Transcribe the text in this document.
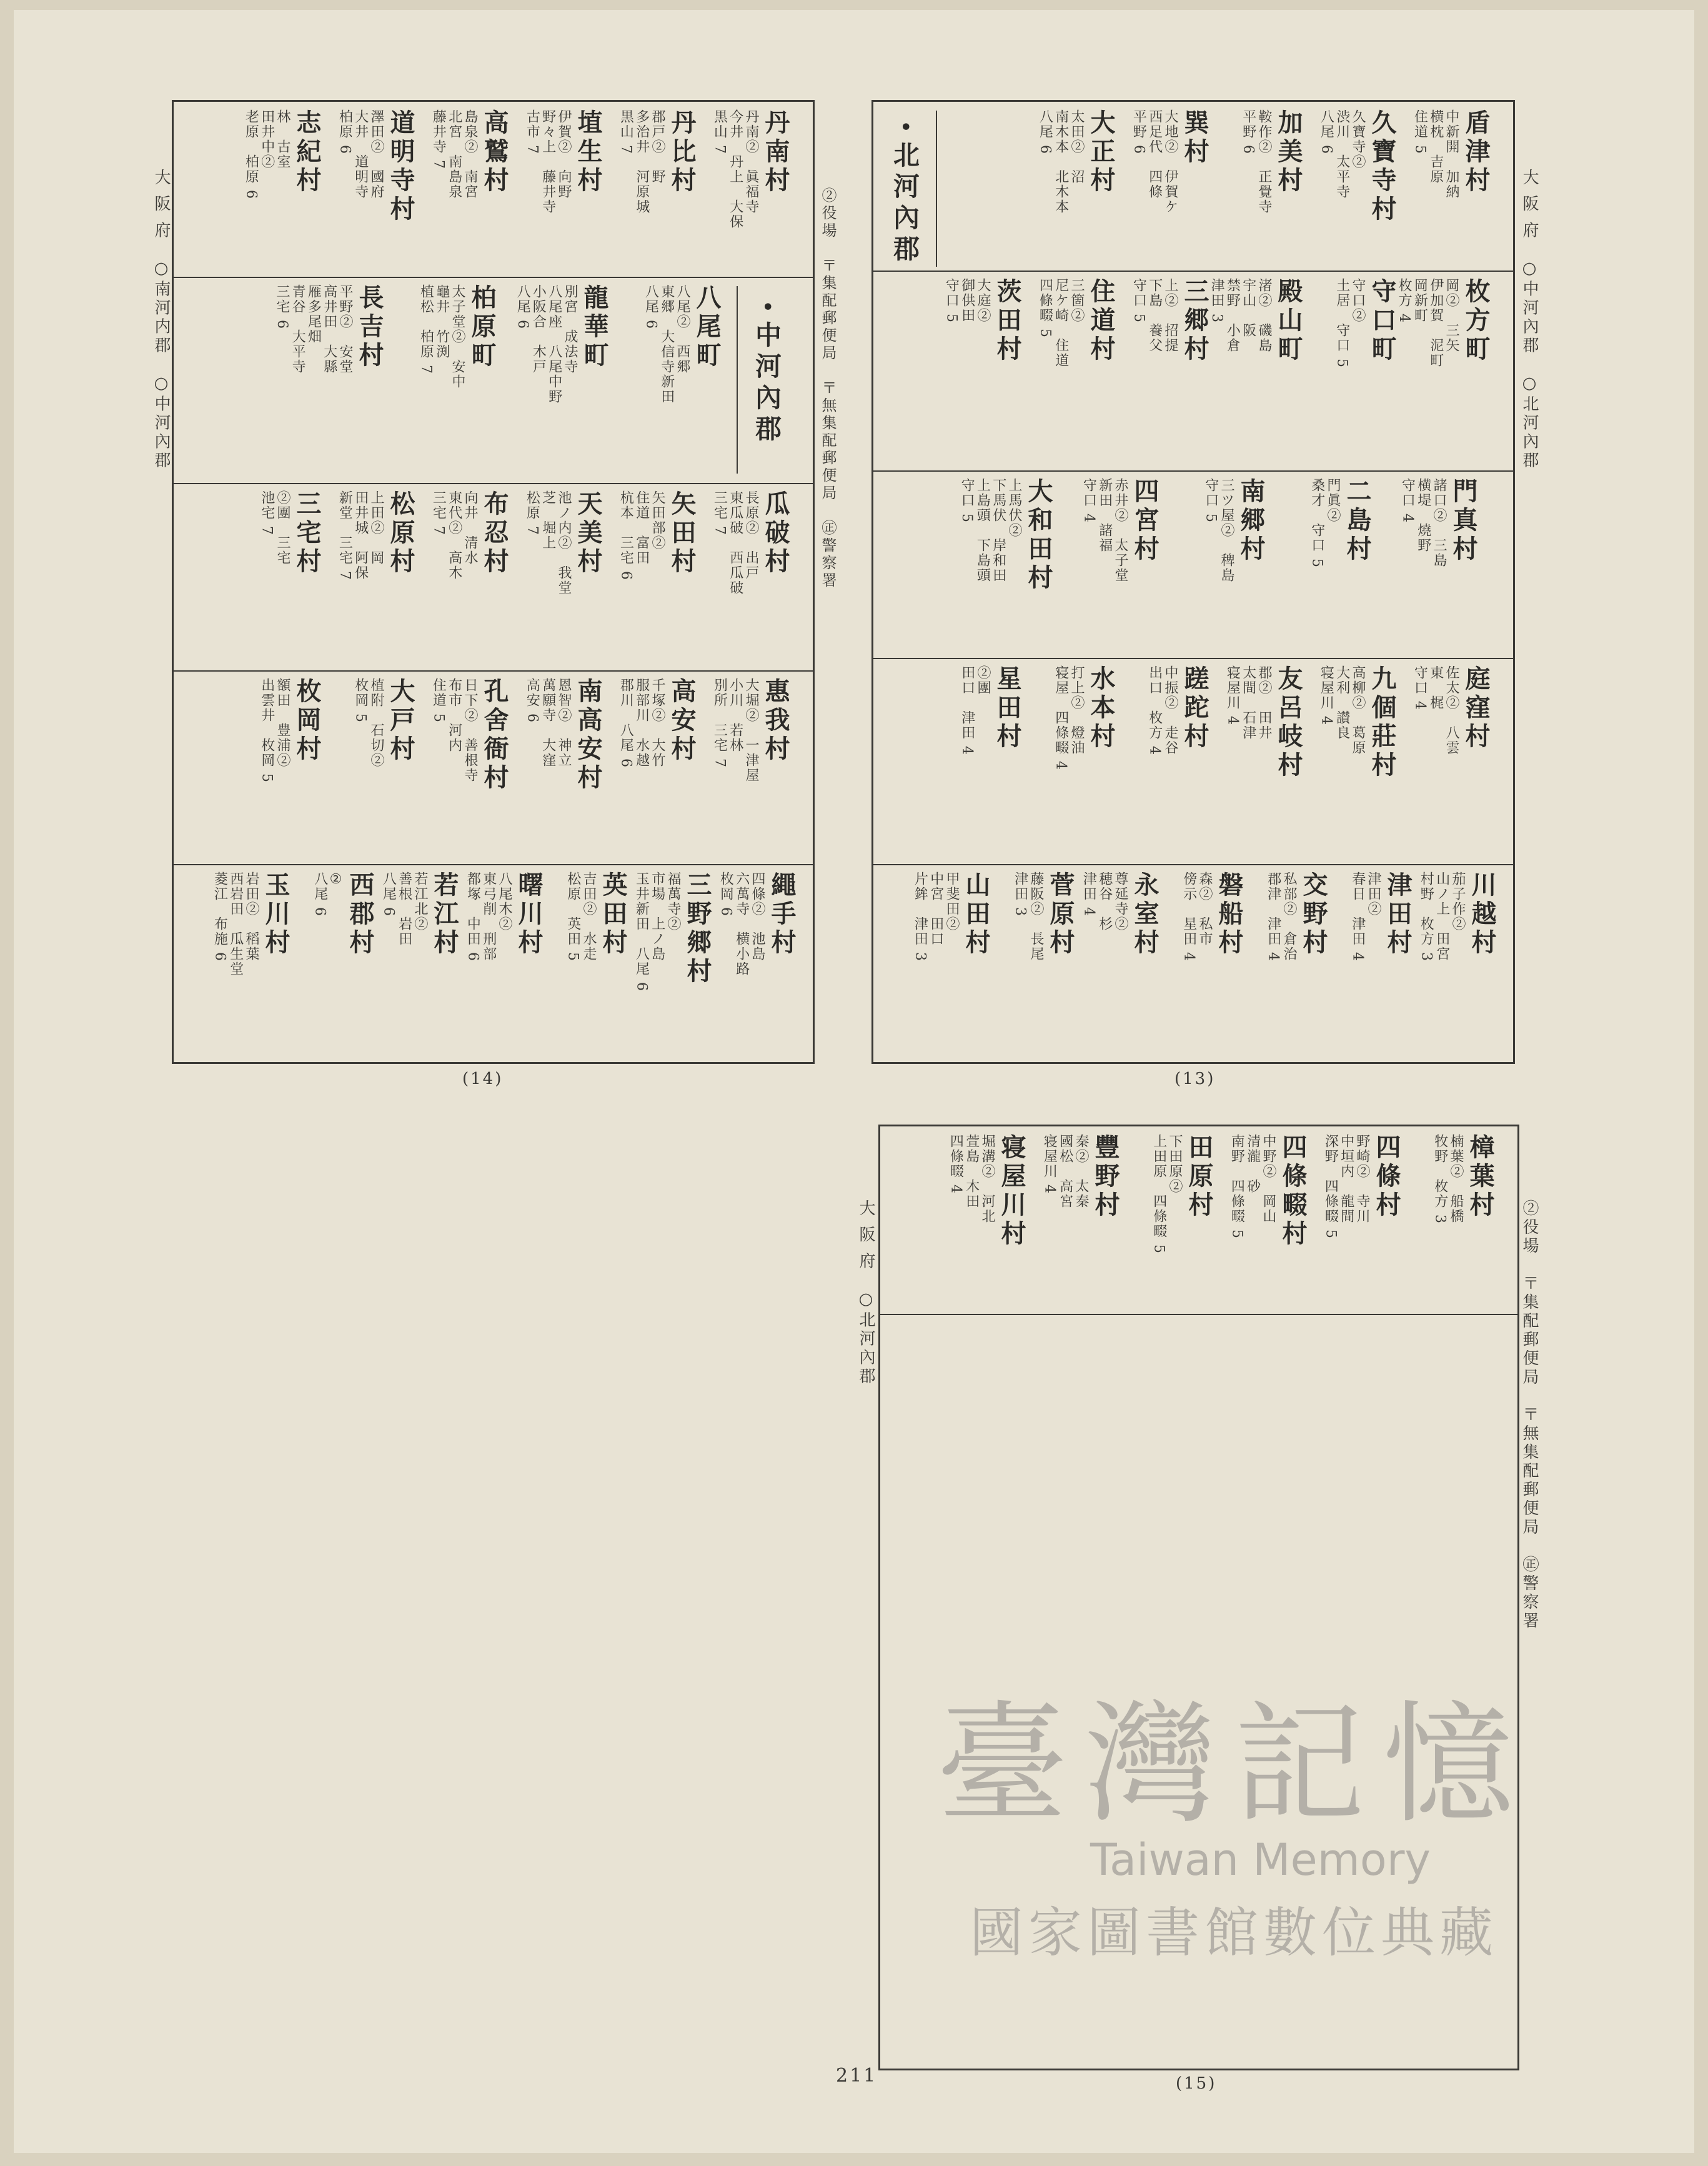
丹南村
丹南②　眞福寺
今井　丹上　大保
黒山 7
丹比村
郡戸②　野
多治井　河原城
黒山 7
埴生村
伊賀②　向野
野々上　藤井寺
古市 7
高鷲村
島泉②　南宮
北宮　南島泉
藤井寺 7
道明寺村
澤田②　國府
大井　道明寺
柏原 6
志紀村
林　古室
田井中②
老原　柏原 6
八尾町
八尾②　西郷
東郷　大信寺新田
八尾 6
龍華町
別宮　成法寺
八尾座　八尾中野
小阪合　木戸
八尾 6
柏原町
太子堂②　安中
龜井　竹渕
植松　柏原 7
長吉村
平野②　安堂
高井田　大縣
雁多尾畑
青谷　大平寺
三宅 6
瓜破村
長原②　出戸
東瓜破　西瓜破
三宅 7
矢田村
矢田部②
住道　富田
杭本　三宅 6
天美村
池ノ内②　我堂
芝　堀上
松原 7
布忍村
向井　清水
東代②　高木
三宅 7
松原村
上田②　岡
田井城　阿保
新堂　三宅 7
三宅村
②團　三宅
池宅 7
惠我村
大堀②　一津屋
小川　若林
別所　三宅 7
高安村
千塚②　大竹
服部川　水越
郡川　八尾 6
南高安村
恩智②　神立
萬願寺　大窪
高安 6
孔舍衙村
日下②　善根寺
布市　河内
住道 5
大戸村
植附　石切②
枚岡 5
枚岡村
額田　豊浦②
出雲井　枚岡 5
繩手村
四條②　池島
六萬寺　横小路
枚岡 6
三野郷村
福萬寺②
市場　上ノ島
玉井新田　八尾 6
英田村
吉田②　水走
松原　英田 5
曙川村
八尾木②
東弓削　刑部
都塚　中田 6
若江村
若江北②
善根　岩田
八尾 6
西郡村
②
八尾 6
玉川村
岩田②　稻葉
西岩田　瓜生堂
菱江　布施 6
• 中河內郡
大 阪 府　○南河内郡　○中河內郡
(14)
盾津村
中新開　加納
横枕　吉原
住道 5
久寶寺村
久寶寺②
渋川　太平寺
八尾 6
加美村
鞍作②　正覺寺
平野 6
巽村
大地②　伊賀ケ
西足代　四條
平野 6
大正村
太田②　沼
南木本　北木本
八尾 6
枚方町
岡②　三矢
伊加賀　泥町
岡新町
枚方 4
守口町
守口②
土居　守口 5
殿山町
渚②　磯島
宇山　阪
禁野　小倉
津田 3
三郷村
上②　招提
下島　養父
守口 5
住道村
三箇②
尼ケ崎　住道
四條畷 5
茨田村
大庭②
御供田
守口 5
門真村
諸口②　三島
横堤　燒野
守口 4
二島村
門眞②
桑才　守口 5
南郷村
三ツ屋②　稗島
守口 5
四宮村
赤井②　太子堂
新田　諸福
守口 4
大和田村
上馬伏②
下馬伏　岸和田
上島頭　下島頭
守口 5
庭窪村
佐太②　八雲
東　梶
守口 4
九個莊村
高柳②　葛原
大利　讃良
寝屋川 4
友呂岐村
郡②　田井
太間　石津
寝屋川 4
蹉跎村
中振②　走谷
出口　枚方 4
水本村
打上②　燈油
寝屋　四條畷 4
星田村
②團
田口　津田 4
川越村
茄子作②
山ノ上　田宮
村野　枚方 3
津田村
津田②
春日　津田 4
交野村
私部②　倉治
郡津　津田 4
磐船村
森②　私市
傍示　星田 4
永室村
尊延寺②
穂谷　杉
津田 4
菅原村
藤阪②　長尾
津田 3
山田村
甲斐田②
中宮　田口
片鉾　津田 3
• 北河內郡	大 阪 府　○中河內郡　○北河內郡
②役場　〒集配郵便局　〒無集配郵便局　㊣警察署
(13)
樟葉村
楠葉②　船橋
牧野　枚方 3
四條村
野崎②　寺川
中垣内　龍間
深野　四條畷 5
四條畷村
中野②　岡山
清瀧　砂
南野　四條畷 5
田原村
下田原②
上田原　四條畷 5
豐野村
秦②　太秦
國松　高宮
寝屋川 4
寝屋川村
堀溝②　河北
萱島　木田
四條畷 4
②役場　〒集配郵便局　〒無集配郵便局　㊣警察署
大 阪 府　○北河內郡
(15)
211
臺灣記憶
Taiwan Memory
國家圖書館數位典藏
